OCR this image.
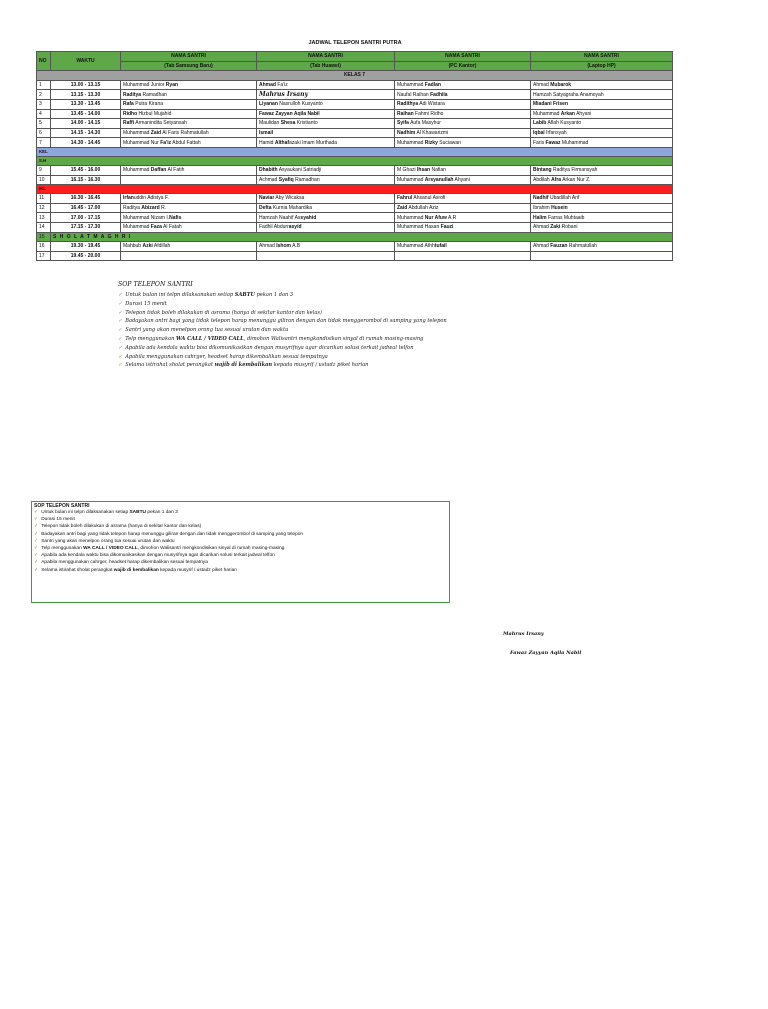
JADWAL TELEPON SANTRI PUTRA
NO	WAKTU	NAMA SANTRI	NAMA SANTRI	NAMA SANTRI	NAMA SANTRI
		(Tab Samsung Baru)	(Tab Huawei)	(PC Kantor)	(Laptop HP)
KELAS 7					
1	13.00 - 13.15	Muhammad Junior Ryan	Ahmad Fa'iz	Muhammad Fadlan	Ahmad Mubarok
2	13.15 - 13.30	Raditya Ramadhan	Mahrus Irsany	Naufal Raihan Fadhila	Hamzah Satyagraha Anamoyah
3	13.30 - 13.45	Rafa Putra Kirana	Liyanan Nasrulloh Kusyanto	Radithya Adi Wistara	Miadani Frisen
4	13.45 - 14.00	Ridho Hizbul Mujahid	Fawaz Zayyan Aqila Nabil	Raihan Fahmi Ridho	Muhammad Arkan Ahyani
5	14.00 - 14.15	Raffi Armanindita Setyansah	Maulidan Shesa Kristianto	Syifa Aufa Masyhur	Labib Aflah Kusyanto
6	14.15 - 14.30	Muhammad Zaid Al Faris Rahmatullah	Ismail	Nadhim Al Khawarizmi	Iqbal Irfansyah
7	14.30 - 14.45	Muhammad Nur Fa'iz Abdul Fattah	Hamid Althafazaki Imam Murthada	Muhammad Rizky Suciawan	Faris Fawaz Muhammad
KEL					
S.H					
9	15.45 - 16.00	Muhammad Daffan Al Fatih	Dhabith Asyaukani Satriadji	M Ghazi Ihsan Nafian	Bintang Raditya Firmansyah
10	16.15 - 16.30		Achmad Syafiq Ramadhan	Muhammad Arsyanullah Ahyani	Abdilah Afra Arkan Nur Z.
IKL					
11	16.30 - 16.45	Irfanuddin Adistya F.	Naviar Aby Wicaksa	Fahrul Ahsanul Asrofi	Nadhif Ubadillah Arif
12	16.45 - 17.00	Raditya Abizard R.	Defta Kurnia Mahardika	Zaid Abdullah Aziz	Ibrahim Husein
13	17.00 - 17.15	Muhammad Nizam I.Nafis	Hamzah Naahif Assyahid	Muhammad Nur Afuw A.R	Halim Farras Muhtaaib
14	17.15 - 17.30	Muhammad Faza Al Fatah	Fadhil Abdurrasyid	Muhammad Hasan Fauzi	Ahmad Zaki Robani
15	S H O L A T M A G H R I				
16	19.30 - 19.45	Mahbub Azki Afdillah	Ahmad Ishom A.B	Muhammad Athhtufail	Ahmad Fauzan Rahmatullah
17	19.45 - 20.00				
SOP TELEPON SANTRI
✓ Untuk bulan ini telpn dilaksanakan setiap SABTU pekan 1 dan 3
✓ Durasi 15 menit
✓ Telepon tidak boleh dilakukan di asrama (hanya di sekitar kantor dan kelas)
✓ Badayakan antri bagi yang tidak telepon harap menunggu giliran dengan dan tidak menggerombol di samping yang telepon
✓ Santri yang akan menelpon orang tua sesuai urutan dan waktu
✓ Telp menggunakan WA CALL / VIDEO CALL, dimohon Walisantri mengkondisikan sinyal di rumah masing-masing
✓ Apabila ada kendala waktu bisa dikomunikasikan dengan musyrifnya agar dicarikan solusi terkait jadwal telfon
✓ Apabila menggunakan cahrger, headset harap dikembalikan sesuai tempatnya
✓ Selama istirahat sholat perangkat wajib di kembalikan kepada musyrif / ustadz piket harian
SOP TELEPON SANTRI
✓ Untuk bulan ini telpn dilaksanakan setiap SABTU pekan 1 dan 3
✓ Durasi 15 menit
✓ Telepon tidak boleh dilakukan di asrama (hanya di sekitar kantor dan kelas)
✓ Badayakan antri bagi yang tidak telepon harap menunggu giliran dengan dan tidak menggerombol di samping yang telepon
✓ Santri yang akan menelpon orang tua sesuai urutan dan waktu
✓ Telp menggunakan WA CALL / VIDEO CALL, dimohon Walisantri mengkondisikan sinyal di rumah masing-masing
✓ Apabila ada kendala waktu bisa dikomunikasikan dengan musyrifnya agar dicarikan solusi terkait jadwal telfon
✓ Apabila menggunakan cahrger, headset harap dikembalikan sesuai tempatnya
✓ Selama istirahat sholat perangkat wajib di kembalikan kepada musyrif / ustadz piket harian
Mahrus Irsany
Fawaz Zayyan Aqila Nabil
